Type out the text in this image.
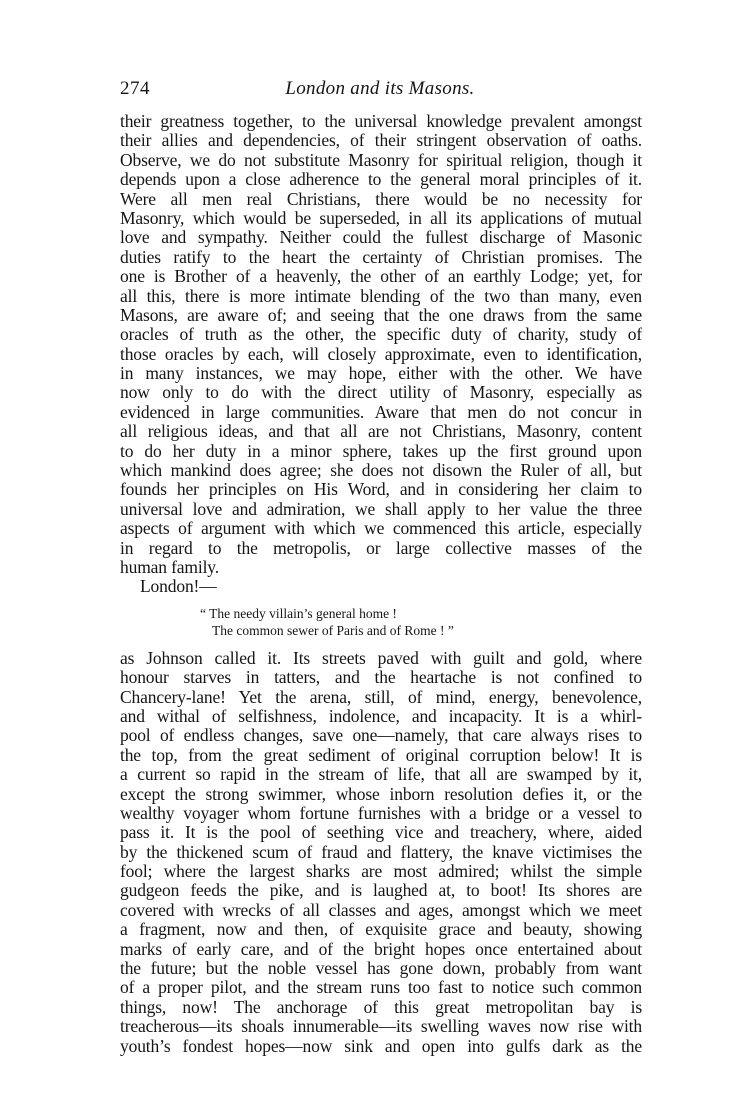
274	London and its Masons.
their greatness together, to the universal knowledge prevalent amongst
their allies and dependencies, of their stringent observation of oaths.
Observe, we do not substitute Masonry for spiritual religion, though it
depends upon a close adherence to the general moral principles of it.
Were all men real Christians, there would be no necessity for
Masonry, which would be superseded, in all its applications of mutual
love and sympathy. Neither could the fullest discharge of Masonic
duties ratify to the heart the certainty of Christian promises. The
one is Brother of a heavenly, the other of an earthly Lodge; yet, for
all this, there is more intimate blending of the two than many, even
Masons, are aware of; and seeing that the one draws from the same
oracles of truth as the other, the specific duty of charity, study of
those oracles by each, will closely approximate, even to identification,
in many instances, we may hope, either with the other. We have
now only to do with the direct utility of Masonry, especially as
evidenced in large communities. Aware that men do not concur in
all religious ideas, and that all are not Christians, Masonry, content
to do her duty in a minor sphere, takes up the first ground upon
which mankind does agree; she does not disown the Ruler of all, but
founds her principles on His Word, and in considering her claim to
universal love and admiration, we shall apply to her value the three
aspects of argument with which we commenced this article, especially
in regard to the metropolis, or large collective masses of the
human family.
London!—
“ The needy villain’s general home !
The common sewer of Paris and of Rome ! ”
as Johnson called it. Its streets paved with guilt and gold, where
honour starves in tatters, and the heartache is not confined to
Chancery-lane! Yet the arena, still, of mind, energy, benevolence,
and withal of selfishness, indolence, and incapacity. It is a whirl-
pool of endless changes, save one—namely, that care always rises to
the top, from the great sediment of original corruption below! It is
a current so rapid in the stream of life, that all are swamped by it,
except the strong swimmer, whose inborn resolution defies it, or the
wealthy voyager whom fortune furnishes with a bridge or a vessel to
pass it. It is the pool of seething vice and treachery, where, aided
by the thickened scum of fraud and flattery, the knave victimises the
fool; where the largest sharks are most admired; whilst the simple
gudgeon feeds the pike, and is laughed at, to boot! Its shores are
covered with wrecks of all classes and ages, amongst which we meet
a fragment, now and then, of exquisite grace and beauty, showing
marks of early care, and of the bright hopes once entertained about
the future; but the noble vessel has gone down, probably from want
of a proper pilot, and the stream runs too fast to notice such common
things, now! The anchorage of this great metropolitan bay is
treacherous—its shoals innumerable—its swelling waves now rise with
youth’s fondest hopes—now sink and open into gulfs dark as the
